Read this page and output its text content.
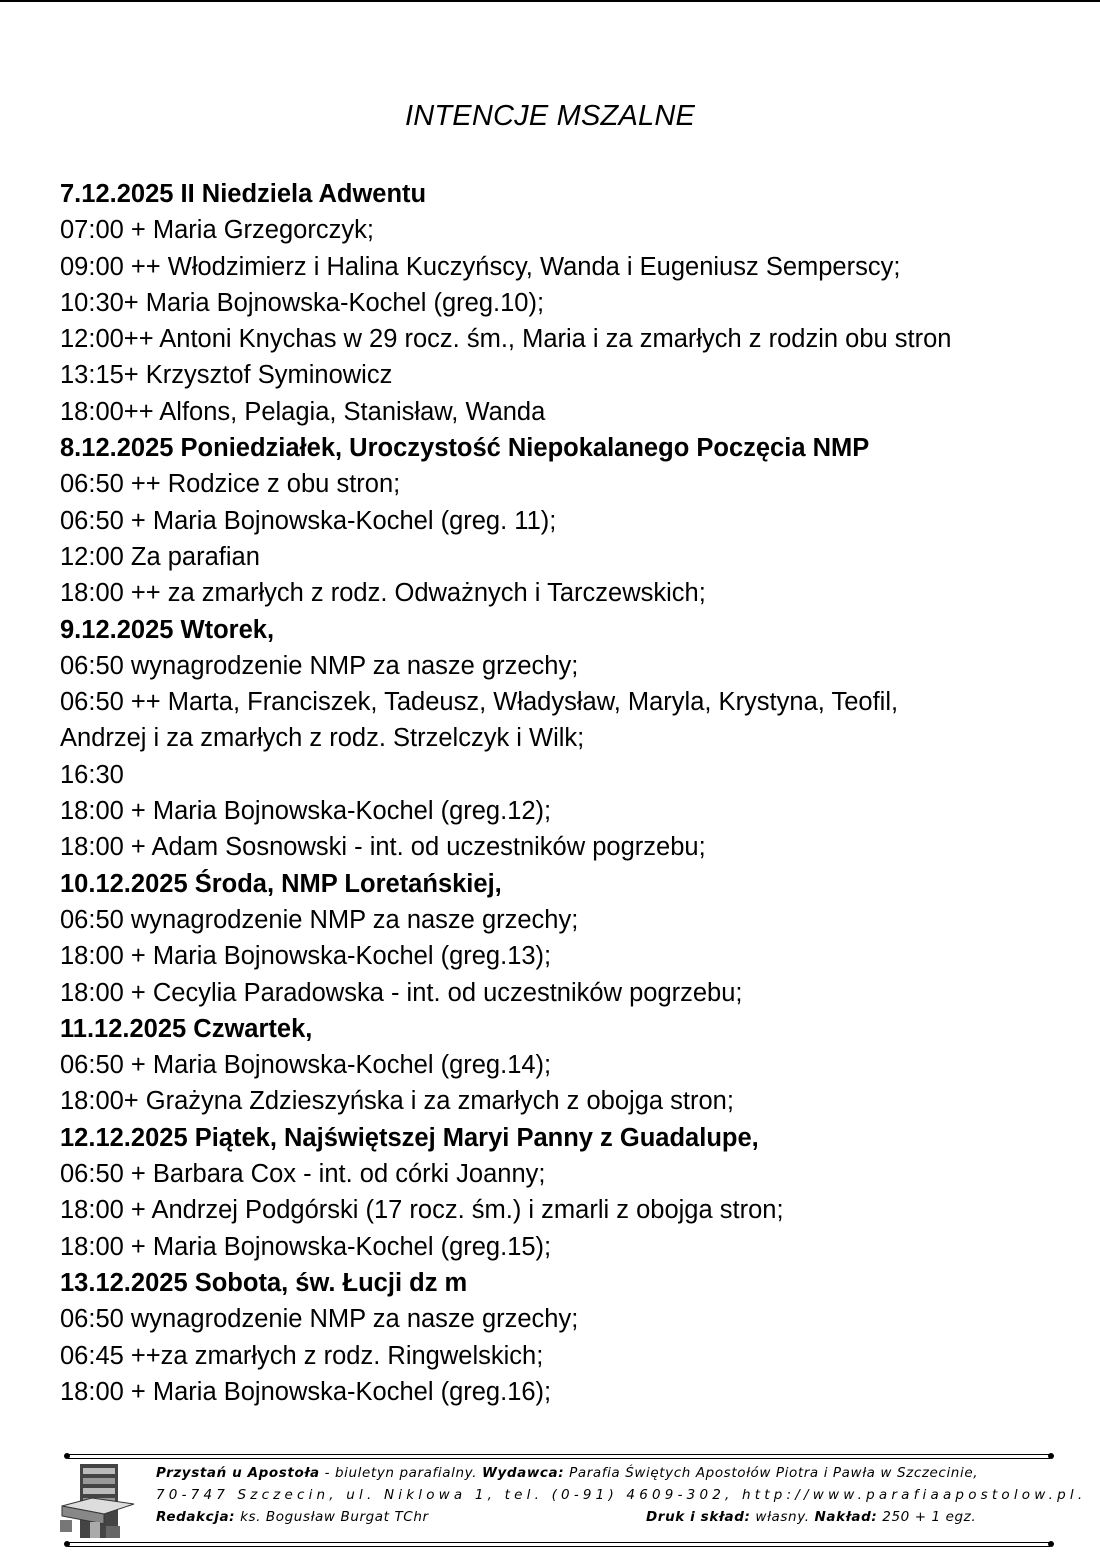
INTENCJE MSZALNE
7.12.2025 II Niedziela Adwentu
07:00 + Maria Grzegorczyk;
09:00 ++ Włodzimierz i Halina Kuczyńscy, Wanda i Eugeniusz Semperscy;
10:30+ Maria Bojnowska-Kochel (greg.10);
12:00++ Antoni Knychas w 29 rocz. śm., Maria i za zmarłych z rodzin obu stron
13:15+ Krzysztof Syminowicz
18:00++ Alfons, Pelagia, Stanisław, Wanda
8.12.2025 Poniedziałek, Uroczystość Niepokalanego Poczęcia NMP
06:50 ++ Rodzice z obu stron;
06:50 + Maria Bojnowska-Kochel (greg. 11);
12:00 Za parafian
18:00 ++ za zmarłych z rodz. Odważnych i Tarczewskich;
9.12.2025 Wtorek,
06:50 wynagrodzenie NMP za nasze grzechy;
06:50 ++ Marta, Franciszek, Tadeusz, Władysław, Maryla, Krystyna, Teofil,
Andrzej i za zmarłych z rodz. Strzelczyk i Wilk;
16:30
18:00 + Maria Bojnowska-Kochel (greg.12);
18:00 + Adam Sosnowski - int. od uczestników pogrzebu;
10.12.2025 Środa, NMP Loretańskiej,
06:50 wynagrodzenie NMP za nasze grzechy;
18:00 + Maria Bojnowska-Kochel (greg.13);
18:00 + Cecylia Paradowska - int. od uczestników pogrzebu;
11.12.2025 Czwartek,
06:50 + Maria Bojnowska-Kochel (greg.14);
18:00+ Grażyna Zdzieszyńska i za zmarłych z obojga stron;
12.12.2025 Piątek, Najświętszej Maryi Panny z Guadalupe,
06:50 + Barbara Cox - int. od córki Joanny;
18:00 + Andrzej Podgórski (17 rocz. śm.) i zmarli z obojga stron;
18:00 + Maria Bojnowska-Kochel (greg.15);
13.12.2025 Sobota, św. Łucji dz m
06:50 wynagrodzenie NMP za nasze grzechy;
06:45 ++za zmarłych z rodz. Ringwelskich;
18:00 + Maria Bojnowska-Kochel (greg.16);
Przystań u Apostoła - biuletyn parafialny. Wydawca: Parafia Świętych Apostołów Piotra i Pawła w Szczecinie,
70-747 Szczecin, ul. Niklowa 1, tel. (0-91) 4609-302, http://www.parafiaapostolow.pl.
Redakcja: ks. Bogusław Burgat TChr	Druk i skład: własny. Nakład: 250 + 1 egz.
